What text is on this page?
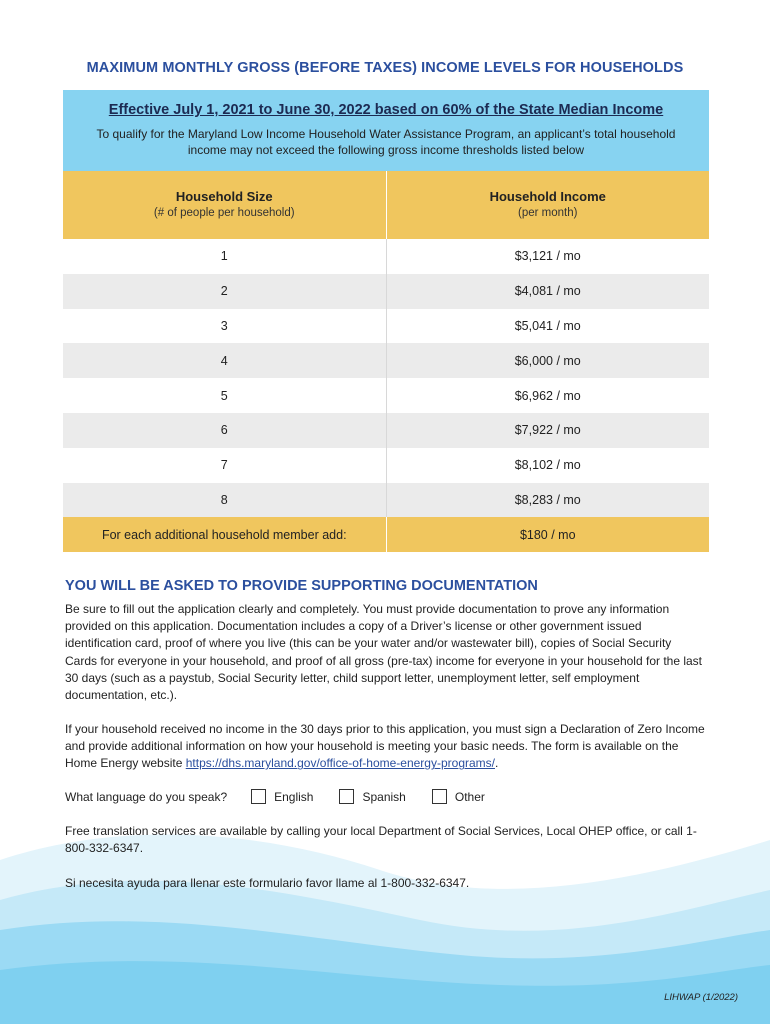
MAXIMUM MONTHLY GROSS (BEFORE TAXES) INCOME LEVELS FOR HOUSEHOLDS
Effective July 1, 2021 to June 30, 2022 based on 60% of the State Median Income
To qualify for the Maryland Low Income Household Water Assistance Program, an applicant’s total household income may not exceed the following gross income thresholds listed below
Household Size
(# of people per household)
Household Income
(per month)
1	$3,121 / mo
2	$4,081 / mo
3	$5,041 / mo
4	$6,000 / mo
5	$6,962 / mo
6	$7,922 / mo
7	$8,102 / mo
8	$8,283 / mo
For each additional household member add:	$180 / mo
YOU WILL BE ASKED TO PROVIDE SUPPORTING DOCUMENTATION
Be sure to fill out the application clearly and completely. You must provide documentation to prove any information provided on this application. Documentation includes a copy of a Driver’s license or other government issued identification card, proof of where you live (this can be your water and/or wastewater bill), copies of Social Security Cards for everyone in your household, and proof of all gross (pre-tax) income for everyone in your household for the last 30 days (such as a paystub, Social Security letter, child support letter, unemployment letter, self employment documentation, etc.).
If your household received no income in the 30 days prior to this application, you must sign a Declaration of Zero Income and provide additional information on how your household is meeting your basic needs. The form is available on the Home Energy website https://dhs.maryland.gov/office-of-home-energy-programs/.
What language do you speak?	English	Spanish	Other
Free translation services are available by calling your local Department of Social Services, Local OHEP office, or call 1-800-332-6347.
Si necesita ayuda para llenar este formulario favor llame al 1-800-332-6347.
LIHWAP (1/2022)
